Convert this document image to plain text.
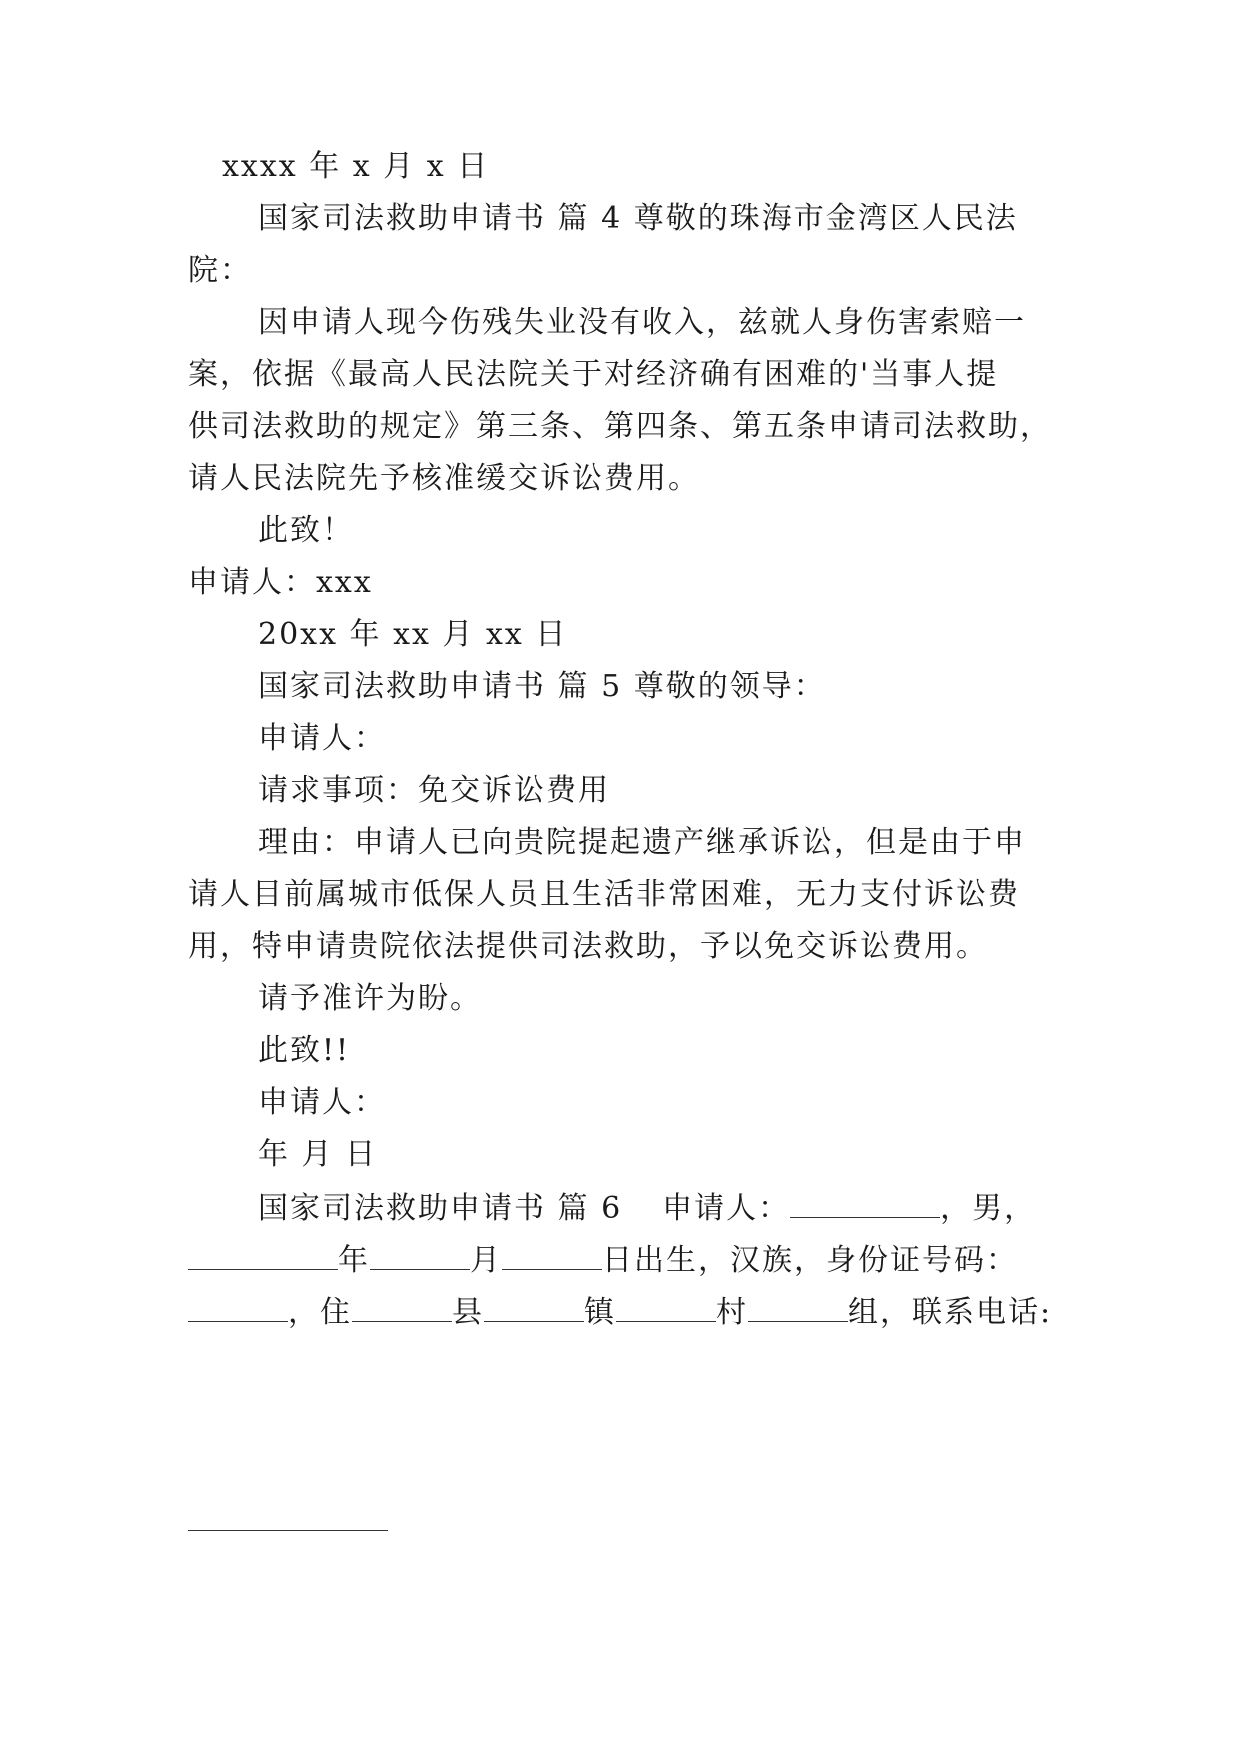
xxxx 年 x 月 x 日
国家司法救助申请书 篇 4 尊敬的珠海市金湾区人民法
院：
因申请人现今伤残失业没有收入，兹就人身伤害索赔一
案，依据《最高人民法院关于对经济确有困难的'当事人提
供司法救助的规定》第三条、第四条、第五条申请司法救助，
请人民法院先予核准缓交诉讼费用。
此致！
申请人：xxx
20xx 年 xx 月 xx 日
国家司法救助申请书 篇 5 尊敬的领导：
申请人：
请求事项：免交诉讼费用
理由：申请人已向贵院提起遗产继承诉讼，但是由于申
请人目前属城市低保人员且生活非常困难，无力支付诉讼费
用，特申请贵院依法提供司法救助，予以免交诉讼费用。
请予准许为盼。
此致!!
申请人：
年 月 日
国家司法救助申请书 篇 6 申请人：	，男，
年	月	日出生，汉族，身份证号码：
，住	县	镇	村	组，联系电话:
